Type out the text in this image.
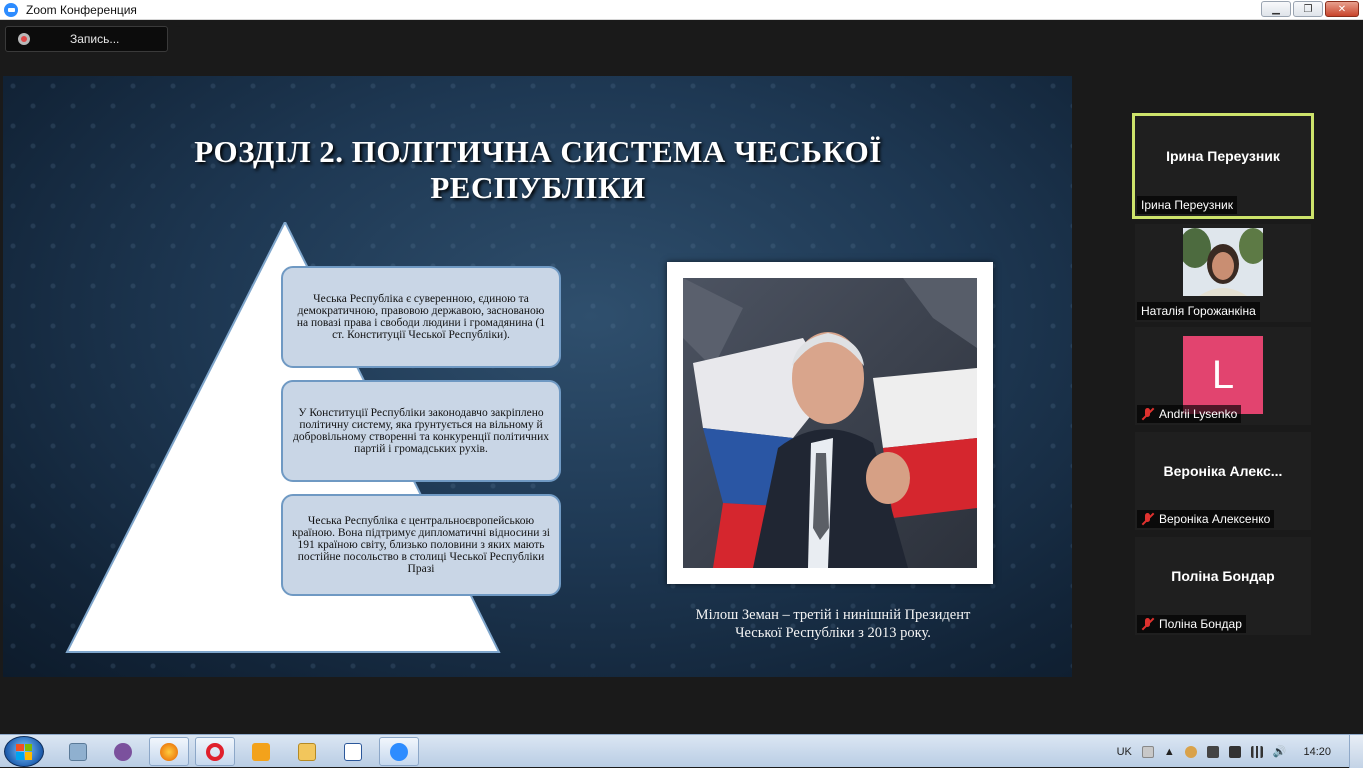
Zoom Конференция	▁	❐	✕
Запись...
РОЗДІЛ 2. ПОЛІТИЧНА СИСТЕМА ЧЕСЬКОЇ
РЕСПУБЛІКИ
Чеська Республіка є суверенною, єдиною та демократичною, правовою державою, заснованою на повазі права і свободи людини і громадянина (1 ст. Конституції Чеської Республіки).
У Конституції Республіки законодавчо закріплено політичну систему, яка ґрунтується на вільному й добровільному створенні та конкуренції політичних партій і громадських рухів.
Чеська Республіка є центральноєвропейською країною. Вона підтримує дипломатичні відносини зі 191 країною світу, близько половини з яких мають постійне посольство в столиці Чеської Республіки Празі
Мілош Земан – третій і нинішній Президент
Чеської Республіки з 2013 року.
Ірина Переузник
Ірина Переузник
Наталія Горожанкіна
L
Andrii Lysenko
Вероніка Алекс...
Вероніка Алексенко
Поліна Бондар
Поліна Бондар
UK	▲	🔊 14:20
